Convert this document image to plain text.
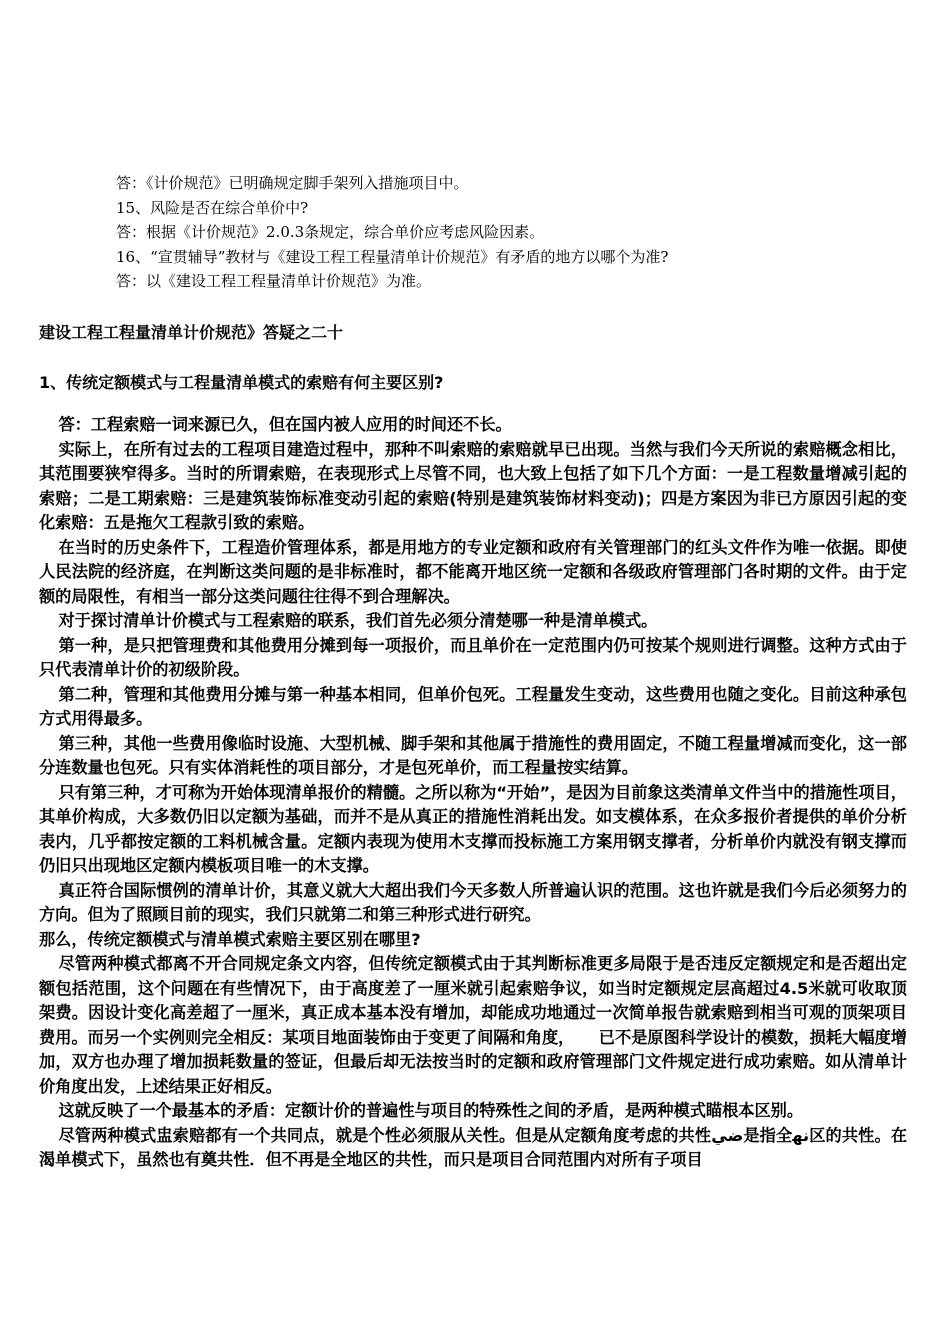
答：《计价规范》已明确规定脚手架列入措施项目中。

15、风险是否在综合单价中?

答：根据《计价规范》2.0.3条规定，综合单价应考虑风险因素。

16、“宣贯辅导”教材与《建设工程工程量清单计价规范》有矛盾的地方以哪个为准?

答：以《建设工程工程量清单计价规范》为准。

建设工程工程量清单计价规范》答疑之二十
1、传统定额模式与工程量清单模式的索赔有何主要区别?

答：工程索赔一词来源已久，但在国内被人应用的时间还不长。

实际上，在所有过去的工程项目建造过程中，那种不叫索赔的索赔就早已出现。当然与我们今天所说的索赔概念相比，其范围要狭窄得多。当时的所谓索赔，在表现形式上尽管不同，也大致上包括了如下几个方面：一是工程数量增减引起的索赔；二是工期索赔：三是建筑装饰标准变动引起的索赔(特别是建筑装饰材料变动)；四是方案因为非已方原因引起的变化索赔：五是拖欠工程款引致的索赔。

在当时的历史条件下，工程造价管理体系，都是用地方的专业定额和政府有关管理部门的红头文件作为唯一依据。即使人民法院的经济庭，在判断这类问题的是非标准时，都不能离开地区统一定额和各级政府管理部门各时期的文件。由于定额的局限性，有相当一部分这类问题往往得不到合理解决。

对于探讨清单计价模式与工程索赔的联系，我们首先必须分清楚哪一种是清单模式。

第一种，是只把管理费和其他费用分摊到每一项报价，而且单价在一定范围内仍可按某个规则进行调整。这种方式由于只代表清单计价的初级阶段。

第二种，管理和其他费用分摊与第一种基本相同，但单价包死。工程量发生变动，这些费用也随之变化。目前这种承包方式用得最多。

第三种，其他一些费用像临时设施、大型机械、脚手架和其他属于措施性的费用固定，不随工程量增减而变化，这一部分连数量也包死。只有实体消耗性的项目部分，才是包死单价，而工程量按实结算。

只有第三种，才可称为开始体现清单报价的精髓。之所以称为“开始”，是因为目前象这类清单文件当中的措施性项目，其单价构成，大多数仍旧以定额为基础，而并不是从真正的措施性消耗出发。如支模体系，在众多报价者提供的单价分析表内，几乎都按定额的工料机械含量。定额内表现为使用木支撑而投标施工方案用钢支撑者，分析单价内就没有钢支撑而仍旧只出现地区定额内模板项目唯一的木支撑。

真正符合国际惯例的清单计价，其意义就大大超出我们今天多数人所普遍认识的范围。这也许就是我们今后必须努力的方向。但为了照顾目前的现实，我们只就第二和第三种形式进行研究。

那么，传统定额模式与清单模式索赔主要区别在哪里?

尽管两种模式都离不开合同规定条文内容，但传统定额模式由于其判断标准更多局限于是否违反定额规定和是否超出定额包括范围，这个问题在有些情况下，由于高度差了一厘米就引起索赔争议，如当时定额规定层高超过4.5米就可收取顶架费。因设计变化高差超了一厘米，真正成本基本没有增加，却能成功地通过一次简单报告就索赔到相当可观的顶架项目费用。而另一个实例则完全相反：某项目地面装饰由于变更了间隔和角度，　　已不是原图科学设计的模数，损耗大幅度增加，双方也办理了增加损耗数量的签证，但最后却无法按当时的定额和政府管理部门文件规定进行成功索赔。如从清单计价角度出发，上述结果正好相反。

这就反映了一个最基本的矛盾：定额计价的普遍性与项目的特殊性之间的矛盾，是两种模式瞄根本区别。

尽管两种模式盅索赔都有一个共同点，就是个性必须服从关性。但是从定额角度考虑的共性ضي是指全ﻧﻬ区的共性。在渴单模式下，虽然也有奠共性．但不再是全地区的共性，而只是项目合同范围内对所有子项目
